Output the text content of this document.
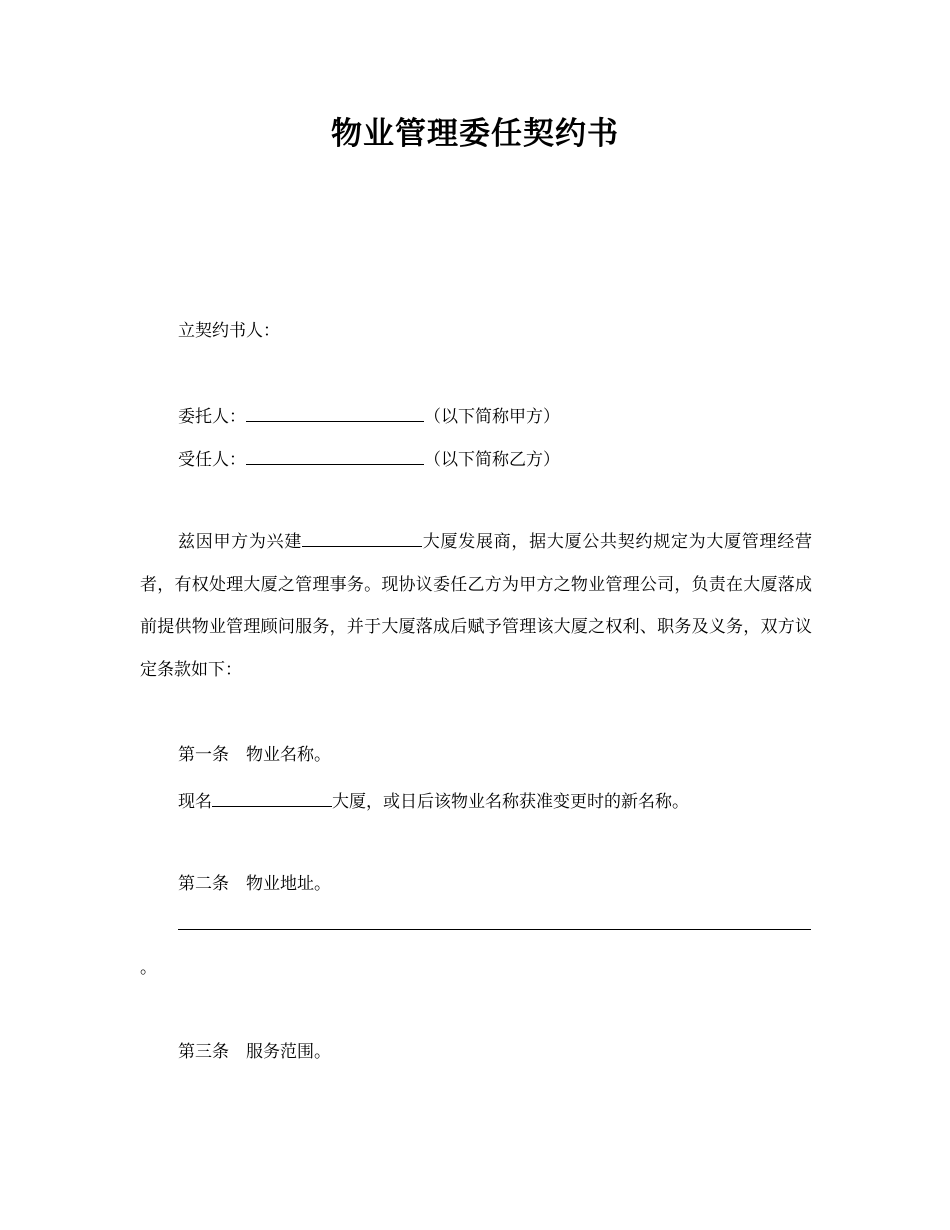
物业管理委任契约书
立契约书人：
委托人：	（以下简称甲方）
受任人：	（以下简称乙方）
兹因甲方为兴建	大厦发展商，据大厦公共契约规定为大厦管理经营者，有权处理大厦之管理事务。现协议委任乙方为甲方之物业管理公司，负责在大厦落成前提供物业管理顾问服务，并于大厦落成后赋予管理该大厦之权利、职务及义务，双方议定条款如下：
第一条　物业名称。
现名	大厦，或日后该物业名称获准变更时的新名称。
第二条　物业地址。
。
第三条　服务范围。
